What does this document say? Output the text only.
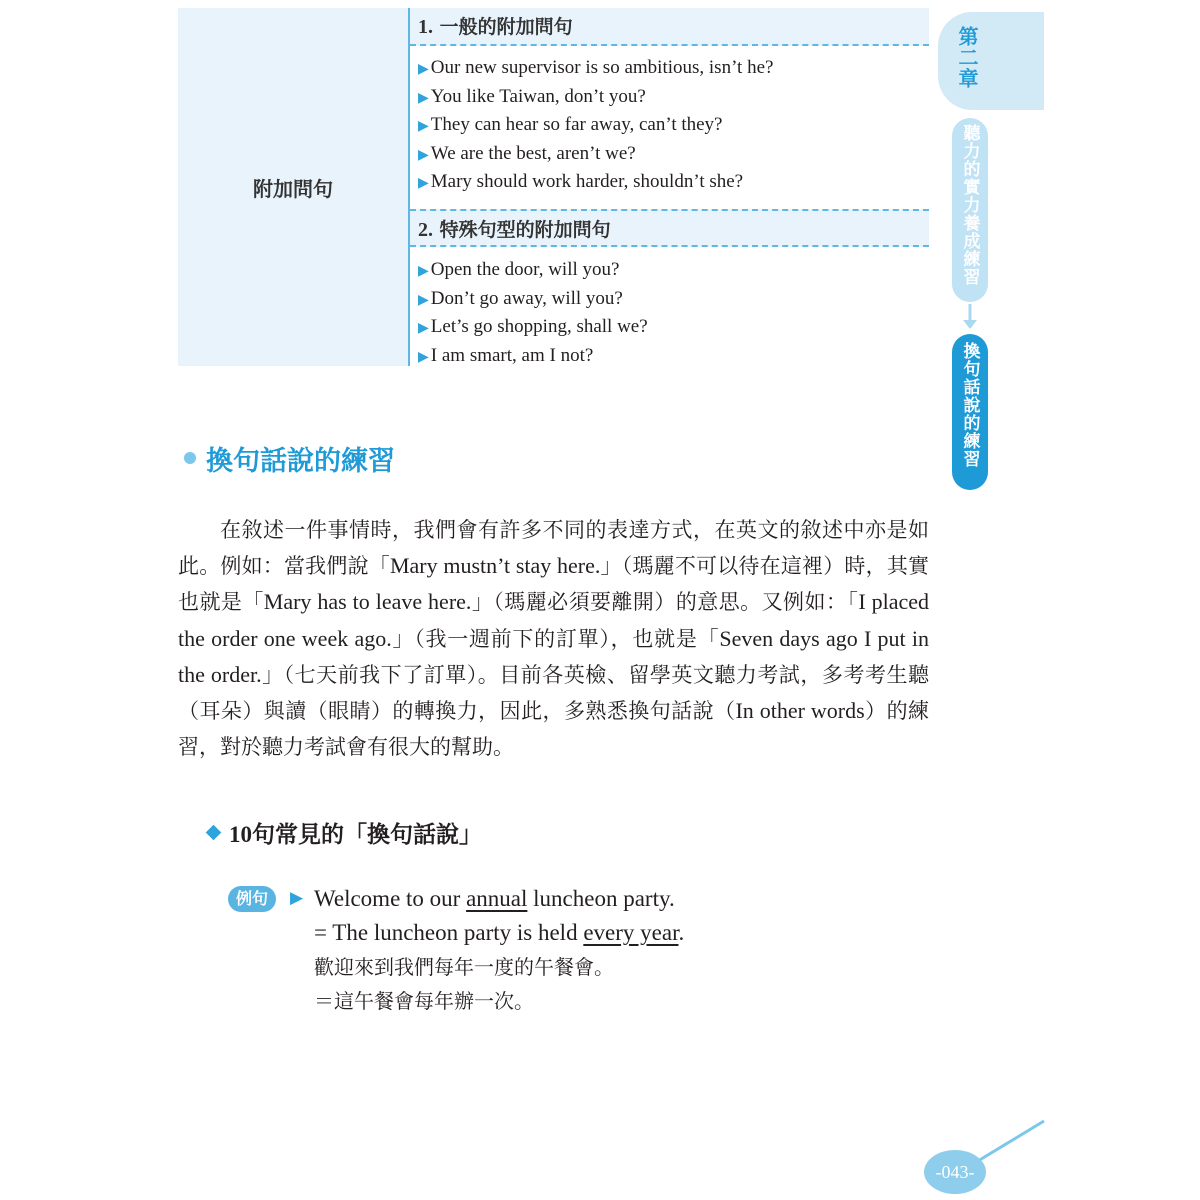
附加問句
1. 一般的附加問句
▶ Our new supervisor is so ambitious, isn’t he?
▶ You like Taiwan, don’t you?
▶ They can hear so far away, can’t they?
▶ We are the best, aren’t we?
▶ Mary should work harder, shouldn’t she?
2. 特殊句型的附加問句
▶ Open the door, will you?
▶ Don’t go away, will you?
▶ Let’s go shopping, shall we?
▶ I am smart, am I not?
第二章
聽力的實力養成練習
換句話說的練習
換句話說的練習

在敘述一件事情時，我們會有許多不同的表達方式，在英文的敘述中亦是如此。例如：當我們說「Mary mustn’t stay here.」（瑪麗不可以待在這裡）時，其實也就是「Mary has to leave here.」（瑪麗必須要離開）的意思。又例如：「I placed the order one week ago.」（我一週前下的訂單），也就是「Seven days ago I put in the order.」（七天前我下了訂單）。目前各英檢、留學英文聽力考試，多考考生聽（耳朵）與讀（眼睛）的轉換力，因此，多熟悉換句話說（In other words）的練習，對於聽力考試會有很大的幫助。

10句常見的「換句話說」
例句	▶ Welcome to our annual luncheon party.
= The luncheon party is held every year.
歡迎來到我們每年一度的午餐會。
＝這午餐會每年辦一次。
-043-
